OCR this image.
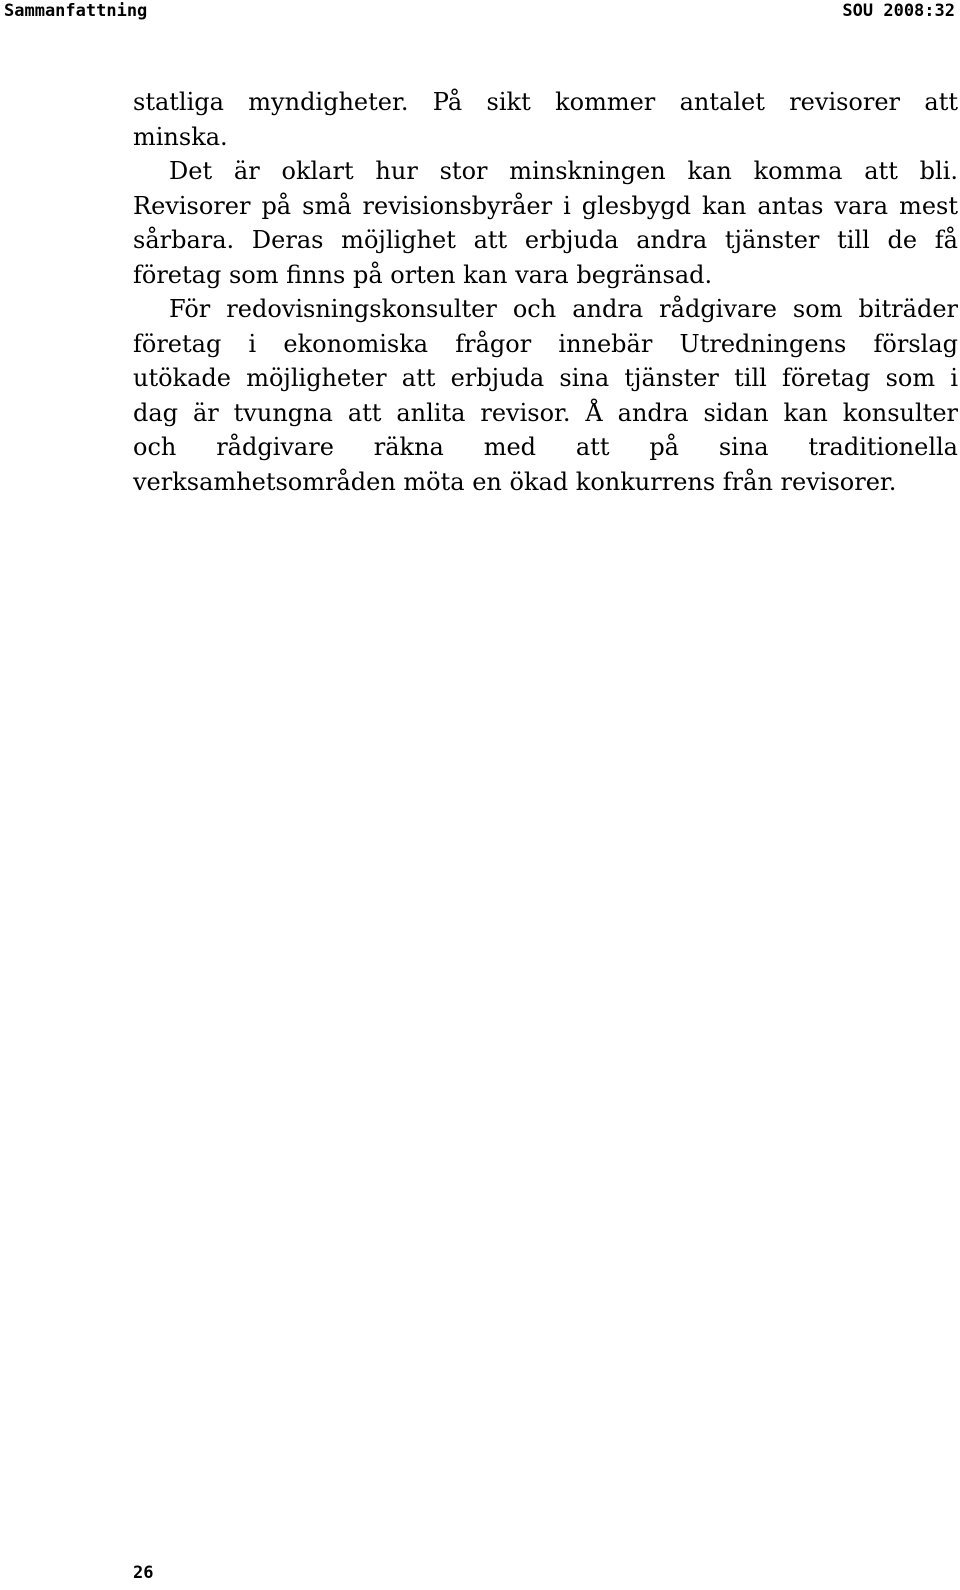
Sammanfattning	SOU 2008:32
statliga myndigheter. På sikt kommer antalet revisorer att
minska.
Det är oklart hur stor minskningen kan komma att bli.
Revisorer på små revisionsbyråer i glesbygd kan antas vara mest
sårbara. Deras möjlighet att erbjuda andra tjänster till de få
företag som finns på orten kan vara begränsad.
För redovisningskonsulter och andra rådgivare som biträder
företag i ekonomiska frågor innebär Utredningens förslag
utökade möjligheter att erbjuda sina tjänster till företag som i
dag är tvungna att anlita revisor. Å andra sidan kan konsulter
och rådgivare räkna med att på sina traditionella
verksamhetsområden möta en ökad konkurrens från revisorer.
26
